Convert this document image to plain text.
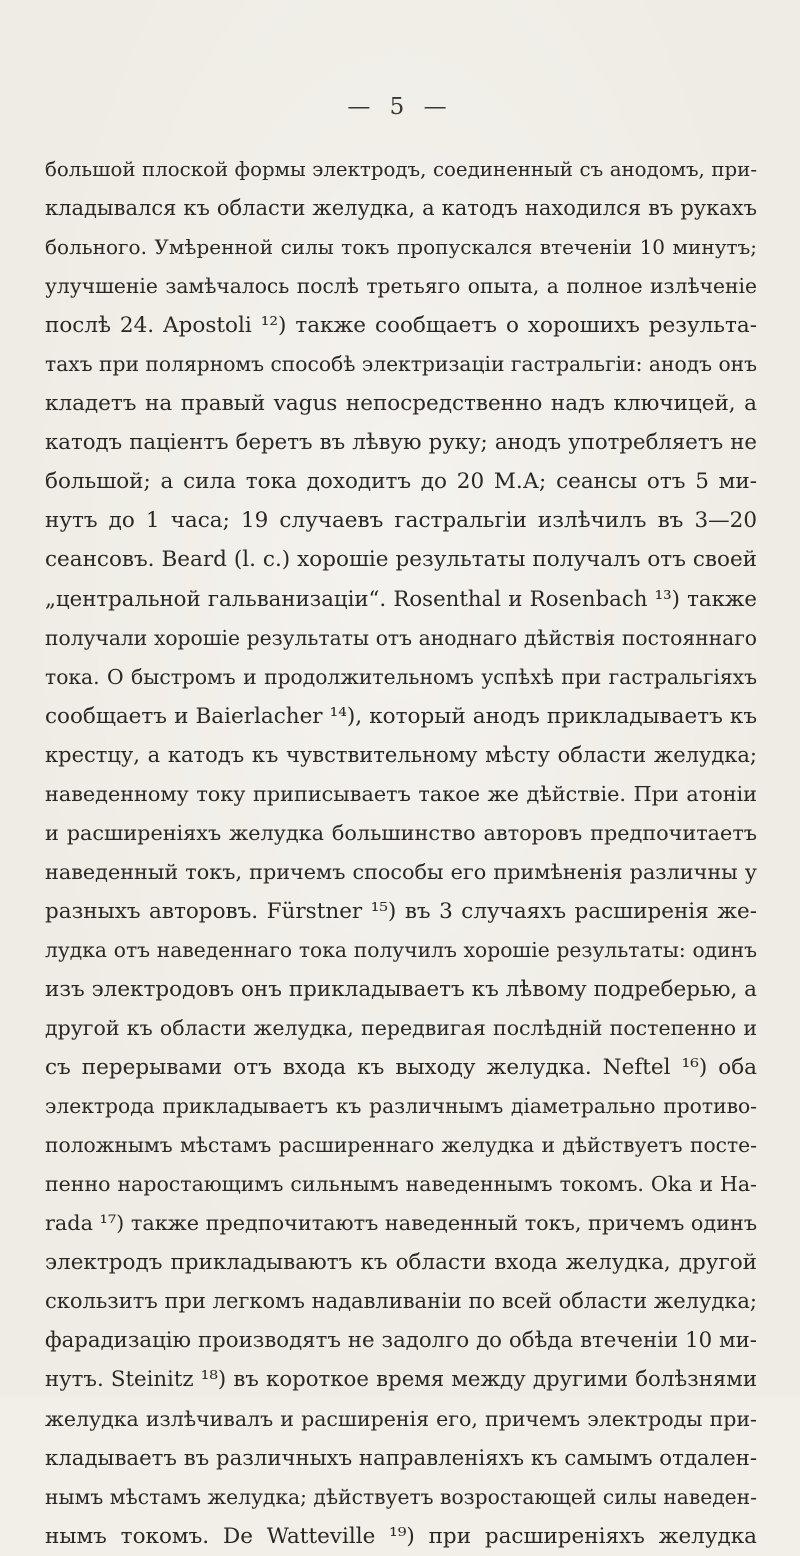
— 5 —
большой плоской формы электродъ, соединенный съ анодомъ, при-
кладывался къ области желудка, а катодъ находился въ рукахъ
больного. Умѣренной силы токъ пропускался втеченіи 10 минутъ;
улучшеніе замѣчалось послѣ третьяго опыта, а полное излѣченіе
послѣ 24. Apostoli ¹²) также сообщаетъ о хорошихъ результа-
тахъ при полярномъ способѣ электризаціи гастральгіи: анодъ онъ
кладетъ на правый vagus непосредственно надъ ключицей, а
катодъ паціентъ беретъ въ лѣвую руку; анодъ употребляетъ не
большой; а сила тока доходитъ до 20 М.А; сеансы отъ 5 ми-
нутъ до 1 часа; 19 случаевъ гастральгіи излѣчилъ въ 3—20
сеансовъ. Beard (l. c.) хорошіе результаты получалъ отъ своей
„центральной гальванизаціи“. Rosenthal и Rosenbach ¹³) также
получали хорошіе результаты отъ аноднаго дѣйствія постояннаго
тока. О быстромъ и продолжительномъ успѣхѣ при гастральгіяхъ
сообщаетъ и Baierlacher ¹⁴), который анодъ прикладываетъ къ
крестцу, а катодъ къ чувствительному мѣсту области желудка;
наведенному току приписываетъ такое же дѣйствіе. При атоніи
и расширеніяхъ желудка большинство авторовъ предпочитаетъ
наведенный токъ, причемъ способы его примѣненія различны у
разныхъ авторовъ. Fürstner ¹⁵) въ 3 случаяхъ расширенія же-
лудка отъ наведеннаго тока получилъ хорошіе результаты: одинъ
изъ электродовъ онъ прикладываетъ къ лѣвому подреберью, а
другой къ области желудка, передвигая послѣдній постепенно и
съ перерывами отъ входа къ выходу желудка. Neftel ¹⁶) оба
электрода прикладываетъ къ различнымъ діаметрально противо-
положнымъ мѣстамъ расширеннаго желудка и дѣйствуетъ посте-
пенно наростающимъ сильнымъ наведеннымъ токомъ. Oka и Ha-
rada ¹⁷) также предпочитаютъ наведенный токъ, причемъ одинъ
электродъ прикладываютъ къ области входа желудка, другой
скользитъ при легкомъ надавливаніи по всей области желудка;
фарадизацію производятъ не задолго до обѣда втеченіи 10 ми-
нутъ. Steinitz ¹⁸) въ короткое время между другими болѣзнями
желудка излѣчивалъ и расширенія его, причемъ электроды при-
кладываетъ въ различныхъ направленіяхъ къ самымъ отдален-
нымъ мѣстамъ желудка; дѣйствуетъ возростающей силы наведен-
нымъ токомъ. De Watteville ¹⁹) при расширеніяхъ желудка
